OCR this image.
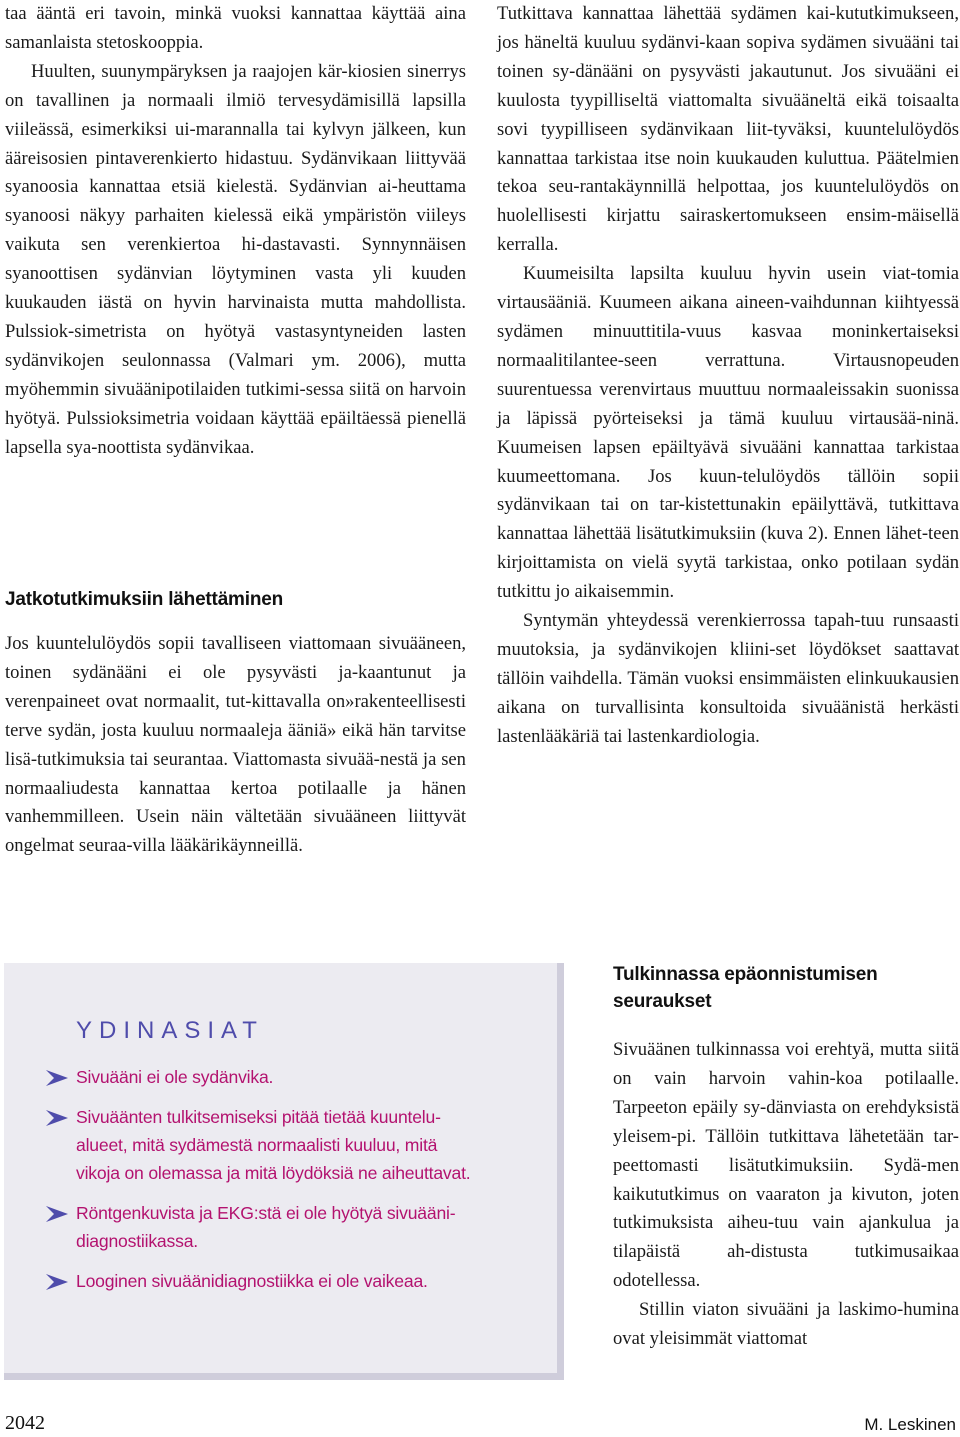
taa ääntä eri tavoin, minkä vuoksi kannattaa käyttää aina samanlaista stetoskooppia.

Huulten, suunympäryksen ja raajojen kär-kiosien sinerrys on tavallinen ja normaali ilmiö tervesydämisillä lapsilla viileässä, esimerkiksi ui-marannalla tai kylvyn jälkeen, kun ääreisosien pintaverenkierto hidastuu. Sydänvikaan liittyvää syanoosia kannattaa etsiä kielestä. Sydänvian ai-heuttama syanoosi näkyy parhaiten kielessä eikä ympäristön viileys vaikuta sen verenkiertoa hi-dastavasti. Synnynnäisen syanoottisen sydänvian löytyminen vasta yli kuuden kuukauden iästä on hyvin harvinaista mutta mahdollista. Pulssiok-simetrista on hyötyä vastasyntyneiden lasten sydänvikojen seulonnassa (Valmari ym. 2006), mutta myöhemmin sivuäänipotilaiden tutkimi-sessa siitä on harvoin hyötyä. Pulssioksimetria voidaan käyttää epäiltäessä pienellä lapsella sya-noottista sydänvikaa.

Jatkotutkimuksiin lähettäminen

Jos kuuntelulöydös sopii tavalliseen viattomaan sivuääneen, toinen sydänääni ei ole pysyvästi ja-kaantunut ja verenpaineet ovat normaalit, tut-kittavalla on»rakenteellisesti terve sydän, josta kuuluu normaaleja ääniä» eikä hän tarvitse lisä-tutkimuksia tai seurantaa. Viattomasta sivuää-nestä ja sen normaaliudesta kannattaa kertoa potilaalle ja hänen vanhemmilleen. Usein näin vältetään sivuääneen liittyvät ongelmat seuraa-villa lääkärikäynneillä.

Tutkittava kannattaa lähettää sydämen kai-kututkimukseen, jos häneltä kuuluu sydänvi-kaan sopiva sydämen sivuääni tai toinen sy-dänääni on pysyvästi jakautunut. Jos sivuääni ei kuulosta tyypilliseltä viattomalta sivuääneltä eikä toisaalta sovi tyypilliseen sydänvikaan liit-tyväksi, kuuntelulöydös kannattaa tarkistaa itse noin kuukauden kuluttua. Päätelmien tekoa seu-rantakäynnillä helpottaa, jos kuuntelulöydös on huolellisesti kirjattu sairaskertomukseen ensim-mäisellä kerralla.

Kuumeisilta lapsilta kuuluu hyvin usein viat-tomia virtausääniä. Kuumeen aikana aineen-vaihdunnan kiihtyessä sydämen minuuttitila-vuus kasvaa moninkertaiseksi normaalitilantee-seen verrattuna. Virtausnopeuden suurentuessa verenvirtaus muuttuu normaaleissakin suonissa ja läpissä pyörteiseksi ja tämä kuuluu virtausää-ninä. Kuumeisen lapsen epäiltyävä sivuääni kannattaa tarkistaa kuumeettomana. Jos kuun-telulöydös tällöin sopii sydänvikaan tai on tar-kistettunakin epäilyttävä, tutkittava kannattaa lähettää lisätutkimuksiin (kuva 2). Ennen lähet-teen kirjoittamista on vielä syytä tarkistaa, onko potilaan sydän tutkittu jo aikaisemmin.

Syntymän yhteydessä verenkierrossa tapah-tuu runsaasti muutoksia, ja sydänvikojen kliini-set löydökset saattavat tällöin vaihdella. Tämän vuoksi ensimmäisten elinkuukausien aikana on turvallisinta konsultoida sivuäänistä herkästi lastenlääkäriä tai lastenkardiologia.

YDINASIAT
Sivuääni ei ole sydänvika.
Sivuäänten tulkitsemiseksi pitää tietää kuuntelu-
alueet, mitä sydämestä normaalisti kuuluu, mitä
vikoja on olemassa ja mitä löydöksiä ne aiheuttavat.
Röntgenkuvista ja EKG:stä ei ole hyötyä sivuääni-
diagnostiikassa.
Looginen sivuäänidiagnostiikka ei ole vaikeaa.
Tulkinnassa epäonnistumisen
seuraukset

Sivuäänen tulkinnassa voi erehtyä, mutta siitä on vain harvoin vahin-koa potilaalle. Tarpeeton epäily sy-dänviasta on erehdyksistä yleisem-pi. Tällöin tutkittava lähetetään tar-peettomasti lisätutkimuksiin. Sydä-men kaikututkimus on vaaraton ja kivuton, joten tutkimuksista aiheu-tuu vain ajankulua ja tilapäistä ah-distusta tutkimusaikaa odotellessa.

Stillin viaton sivuääni ja laskimo-humina ovat yleisimmät viattomat

2042	M. Leskinen
